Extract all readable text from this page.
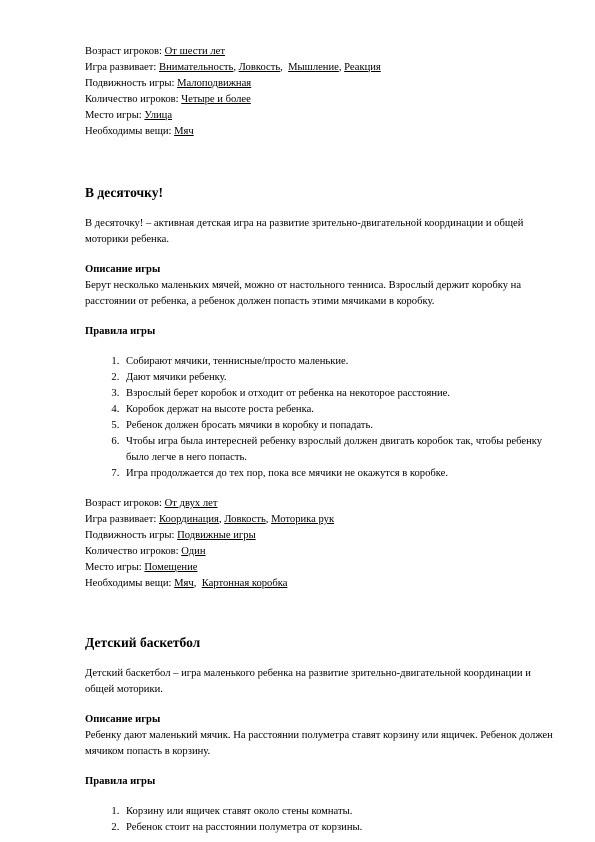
Возраст игроков: От шести лет
Игра развивает: Внимательность, Ловкость,  Мышление, Реакция
Подвижность игры: Малоподвижная
Количество игроков: Четыре и более
Место игры: Улица
Необходимы вещи: Мяч
В десяточку!
В десяточку! – активная детская игра на развитие зрительно-двигательной координации и общей моторики ребенка.
Описание игры
Берут несколько маленьких мячей, можно от настольного тенниса. Взрослый держит коробку на расстоянии от ребенка, а ребенок должен попасть этими мячиками в коробку.
Правила игры
1. Собирают мячики, теннисные/просто маленькие.
2. Дают мячики ребенку.
3. Взрослый берет коробок и отходит от ребенка на некоторое расстояние.
4. Коробок держат на высоте роста ребенка.
5. Ребенок должен бросать мячики в коробку и попадать.
6. Чтобы игра была интересней ребенку взрослый должен двигать коробок так, чтобы ребенку было легче в него попасть.
7. Игра продолжается до тех пор, пока все мячики не окажутся в коробке.
Возраст игроков: От двух лет
Игра развивает: Координация, Ловкость, Моторика рук
Подвижность игры: Подвижные игры
Количество игроков: Один
Место игры: Помещение
Необходимы вещи: Мяч,  Картонная коробка
Детский баскетбол
Детский баскетбол – игра маленького ребенка на развитие зрительно-двигательной координации и общей моторики.
Описание игры
Ребенку дают маленький мячик. На расстоянии полуметра ставят корзину или ящичек. Ребенок должен мячиком попасть в корзину.
Правила игры
1. Корзину или ящичек ставят около стены комнаты.
2. Ребенок стоит на расстоянии полуметра от корзины.
